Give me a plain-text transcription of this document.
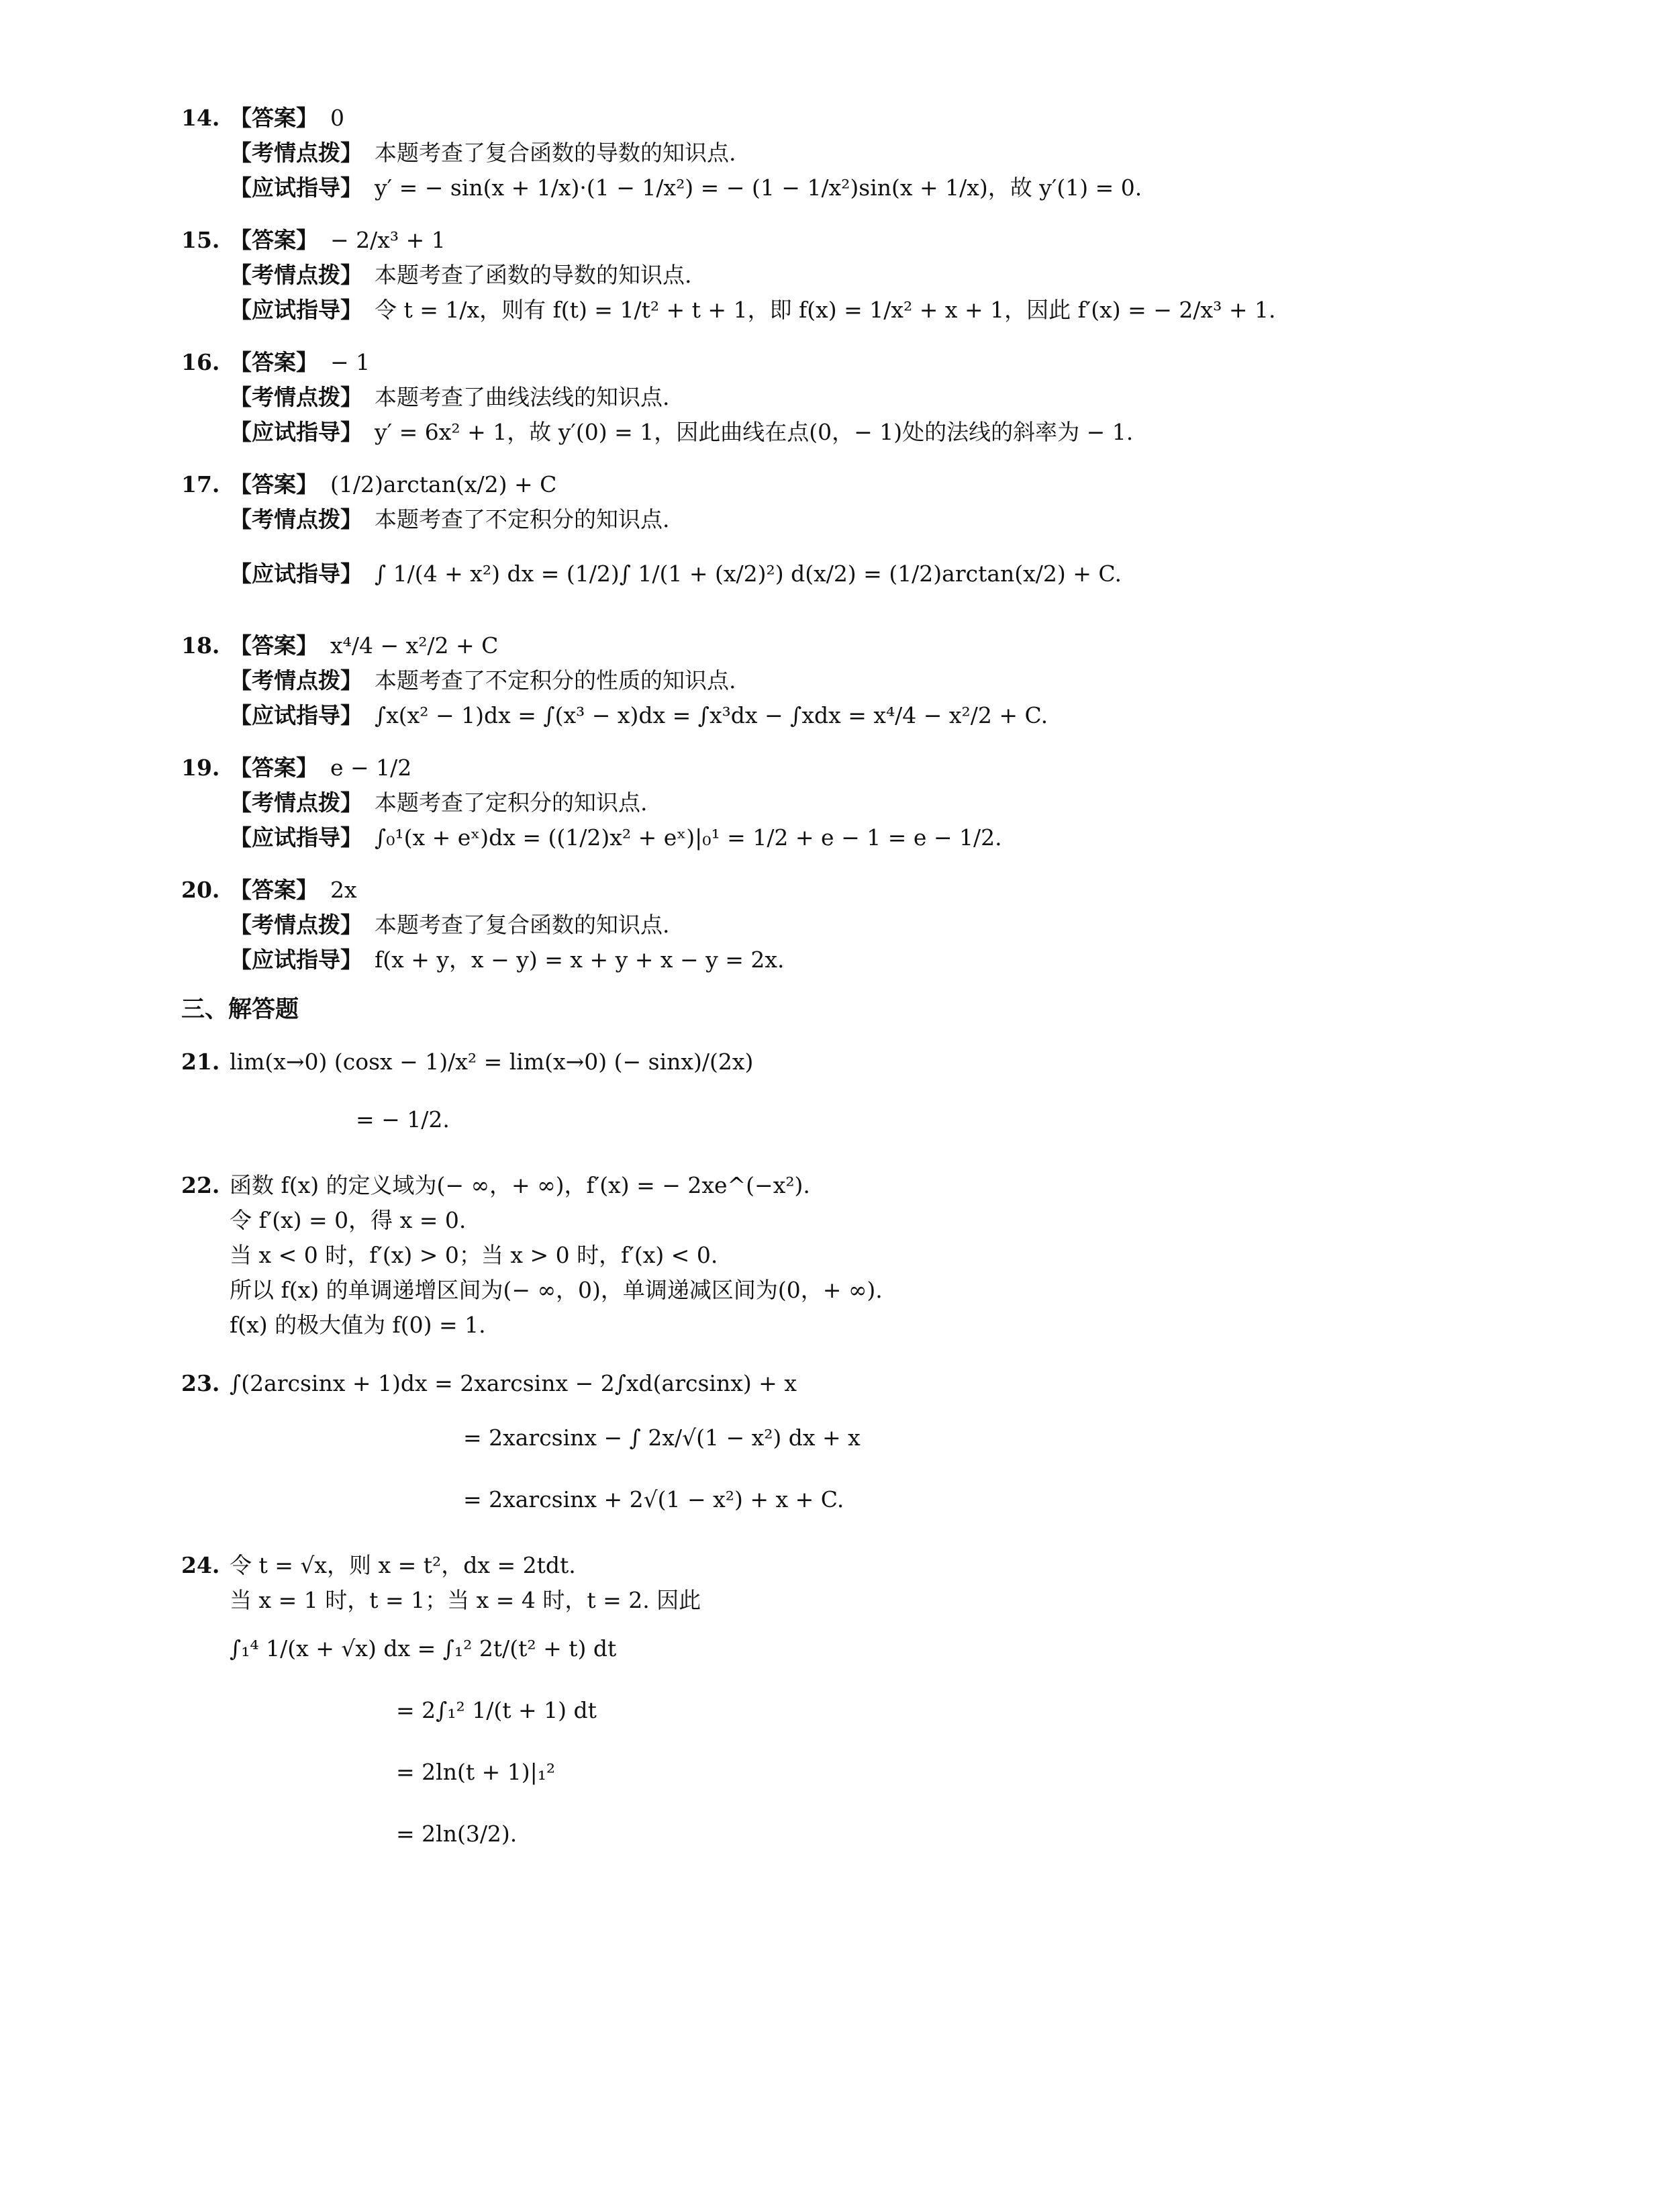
14. 【答案】 0
【考情点拨】 本题考查了复合函数的导数的知识点.
【应试指导】 y′ = − sin(x + 1/x)·(1 − 1/x²) = − (1 − 1/x²)sin(x + 1/x)，故 y′(1) = 0.
15. 【答案】 − 2/x³ + 1
【考情点拨】 本题考查了函数的导数的知识点.
【应试指导】 令 t = 1/x，则有 f(t) = 1/t² + t + 1，即 f(x) = 1/x² + x + 1，因此 f′(x) = − 2/x³ + 1.
16. 【答案】 − 1
【考情点拨】 本题考查了曲线法线的知识点.
【应试指导】 y′ = 6x² + 1，故 y′(0) = 1，因此曲线在点(0，− 1)处的法线的斜率为 − 1.
17. 【答案】 (1/2)arctan(x/2) + C
【考情点拨】 本题考查了不定积分的知识点.
【应试指导】 ∫ 1/(4 + x²) dx = (1/2)∫ 1/(1 + (x/2)²) d(x/2) = (1/2)arctan(x/2) + C.
18. 【答案】 x⁴/4 − x²/2 + C
【考情点拨】 本题考查了不定积分的性质的知识点.
【应试指导】 ∫x(x² − 1)dx = ∫(x³ − x)dx = ∫x³dx − ∫xdx = x⁴/4 − x²/2 + C.
19. 【答案】 e − 1/2
【考情点拨】 本题考查了定积分的知识点.
【应试指导】 ∫₀¹(x + eˣ)dx = ((1/2)x² + eˣ)|₀¹ = 1/2 + e − 1 = e − 1/2.
20. 【答案】 2x
【考情点拨】 本题考查了复合函数的知识点.
【应试指导】 f(x + y，x − y) = x + y + x − y = 2x.
三、解答题
21. lim(x→0) (cosx − 1)/x² = lim(x→0) (− sinx)/(2x)
= − 1/2.
22. 函数 f(x) 的定义域为(− ∞，+ ∞)，f′(x) = − 2xe^(−x²).
令 f′(x) = 0，得 x = 0.
当 x < 0 时，f′(x) > 0；当 x > 0 时，f′(x) < 0.
所以 f(x) 的单调递增区间为(− ∞，0)，单调递减区间为(0，+ ∞).
f(x) 的极大值为 f(0) = 1.
23. ∫(2arcsinx + 1)dx = 2xarcsinx − 2∫xd(arcsinx) + x
= 2xarcsinx − ∫ 2x/√(1 − x²) dx + x
= 2xarcsinx + 2√(1 − x²) + x + C.
24. 令 t = √x，则 x = t²，dx = 2tdt.
当 x = 1 时，t = 1；当 x = 4 时，t = 2. 因此
∫₁⁴ 1/(x + √x) dx = ∫₁² 2t/(t² + t) dt
= 2∫₁² 1/(t + 1) dt
= 2ln(t + 1)|₁²
= 2ln(3/2).
